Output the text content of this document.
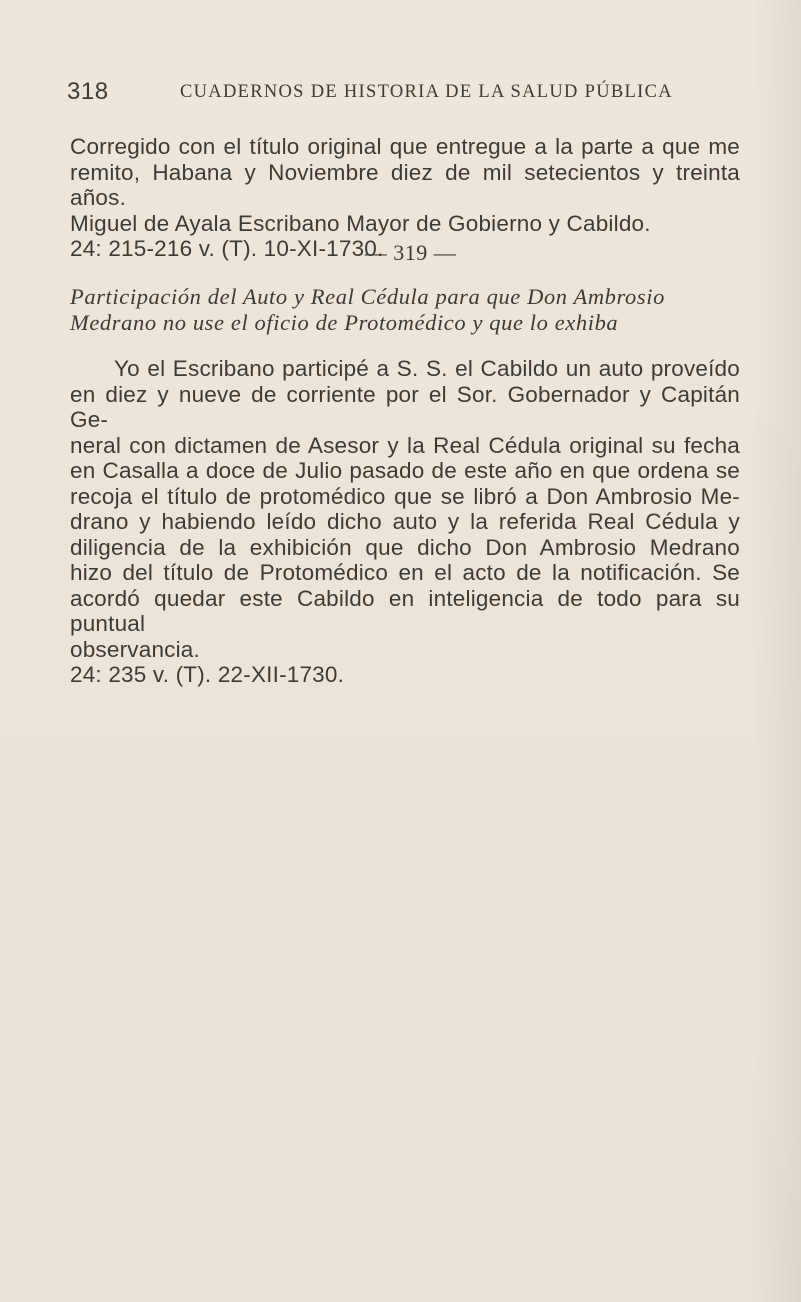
318	CUADERNOS DE HISTORIA DE LA SALUD PÚBLICA
Corregido con el título original que entregue a la parte a que me
remito, Habana y Noviembre diez de mil setecientos y treinta años.
Miguel de Ayala Escribano Mayor de Gobierno y Cabildo.
24: 215-216 v. (T). 10-XI-1730.
— 319 —
Participación del Auto y Real Cédula para que Don Ambrosio
Medrano no use el oficio de Protomédico y que lo exhiba
Yo el Escribano participé a S. S. el Cabildo un auto proveído
en diez y nueve de corriente por el Sor. Gobernador y Capitán Ge-
neral con dictamen de Asesor y la Real Cédula original su fecha
en Casalla a doce de Julio pasado de este año en que ordena se
recoja el título de protomédico que se libró a Don Ambrosio Me-
drano y habiendo leído dicho auto y la referida Real Cédula y
diligencia de la exhibición que dicho Don Ambrosio Medrano
hizo del título de Protomédico en el acto de la notificación. Se
acordó quedar este Cabildo en inteligencia de todo para su puntual
observancia.
24: 235 v. (T). 22-XII-1730.
